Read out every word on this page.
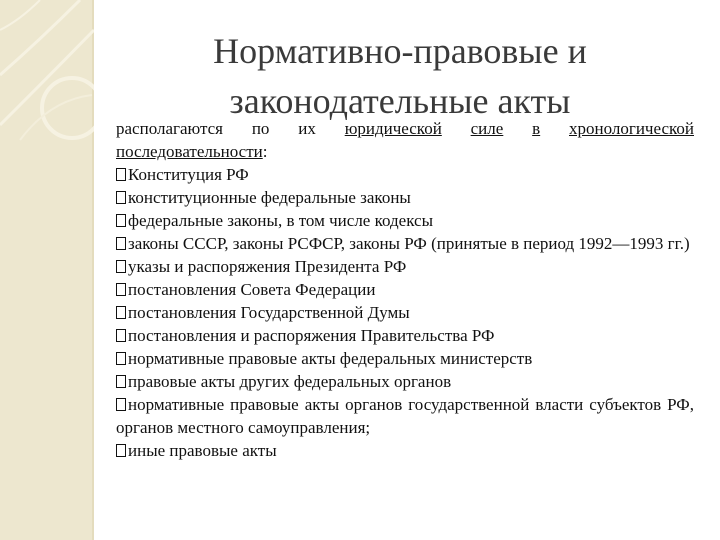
Нормативно-правовые и
законодательные акты
располагаются по их юридической силе в хронологической
последовательности:

Конституция РФ

конституционные федеральные законы

федеральные законы, в том числе кодексы

законы СССР, законы РСФСР, законы РФ (принятые в период 1992—1993 гг.)

указы и распоряжения Президента РФ

постановления Совета Федерации

постановления Государственной Думы

постановления и распоряжения Правительства РФ

нормативные правовые акты федеральных министерств

правовые акты других федеральных органов

нормативные правовые акты органов государственной власти субъектов РФ, органов местного самоуправления;

иные правовые акты
